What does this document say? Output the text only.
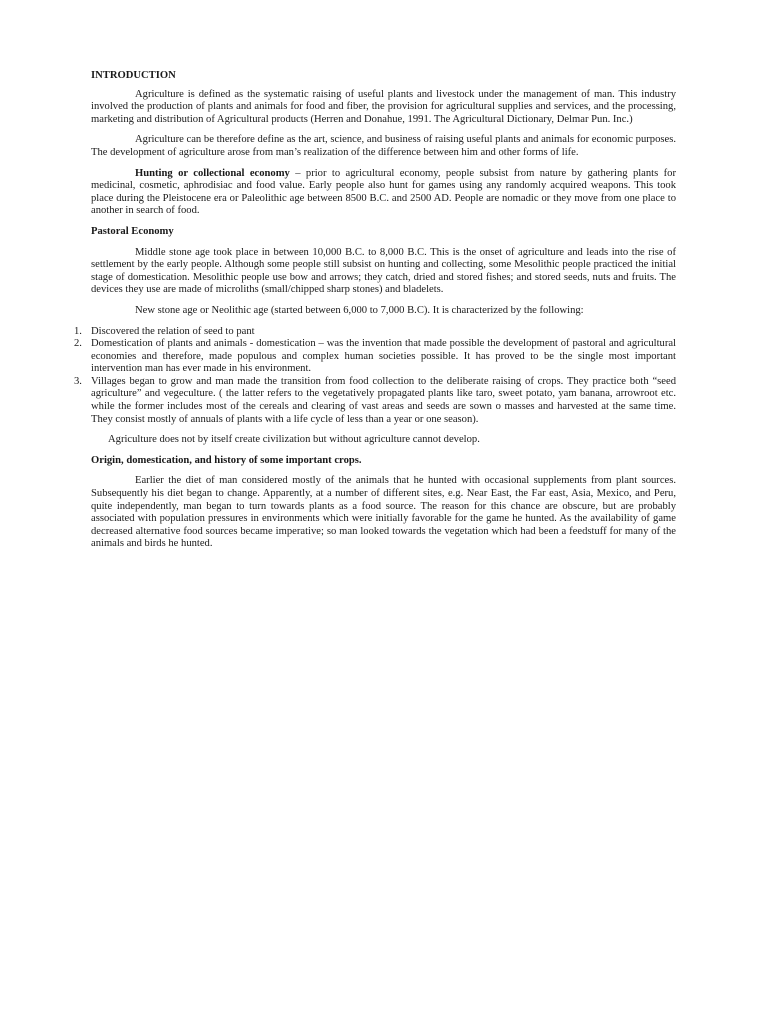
INTRODUCTION

Agriculture is defined as the systematic raising of useful plants and livestock under the management of man. This industry involved the production of plants and animals for food and fiber, the provision for agricultural supplies and services, and the processing, marketing and distribution of Agricultural products (Herren and Donahue, 1991. The Agricultural Dictionary, Delmar Pun. Inc.)

Agriculture can be therefore define as the art, science, and business of raising useful plants and animals for economic purposes. The development of agriculture arose from man’s realization of the difference between him and other forms of life.

Hunting or collectional economy – prior to agricultural economy, people subsist from nature by gathering plants for medicinal, cosmetic, aphrodisiac and food value. Early people also hunt for games using any randomly acquired weapons. This took place during the Pleistocene era or Paleolithic age between 8500 B.C. and 2500 AD. People are nomadic or they move from one place to another in search of food.

Pastoral Economy

Middle stone age took place in between 10,000 B.C. to 8,000 B.C. This is the onset of agriculture and leads into the rise of settlement by the early people. Although some people still subsist on hunting and collecting, some Mesolithic people practiced the initial stage of domestication. Mesolithic people use bow and arrows; they catch, dried and stored fishes; and stored seeds, nuts and fruits. The devices they use are made of microliths (small/chipped sharp stones) and bladelets.

New stone age or Neolithic age (started between 6,000 to 7,000 B.C). It is characterized by the following:

1. Discovered the relation of seed to pant
2. Domestication of plants and animals - domestication – was the invention that made possible the development of pastoral and agricultural economies and therefore, made populous and complex human societies possible. It has proved to be the single most important intervention man has ever made in his environment.
3. Villages began to grow and man made the transition from food collection to the deliberate raising of crops. They practice both “seed agriculture” and vegeculture. ( the latter refers to the vegetatively propagated plants like taro, sweet potato, yam banana, arrowroot etc. while the former includes most of the cereals and clearing of vast areas and seeds are sown o masses and harvested at the same time. They consist mostly of annuals of plants with a life cycle of less than a year or one season).

Agriculture does not by itself create civilization but without agriculture cannot develop.

Origin, domestication, and history of some important crops.

Earlier the diet of man considered mostly of the animals that he hunted with occasional supplements from plant sources. Subsequently his diet began to change. Apparently, at a number of different sites, e.g. Near East, the Far east, Asia, Mexico, and Peru, quite independently, man began to turn towards plants as a food source. The reason for this chance are obscure, but are probably associated with population pressures in environments which were initially favorable for the game he hunted. As the availability of game decreased alternative food sources became imperative; so man looked towards the vegetation which had been a feedstuff for many of the animals and birds he hunted.
